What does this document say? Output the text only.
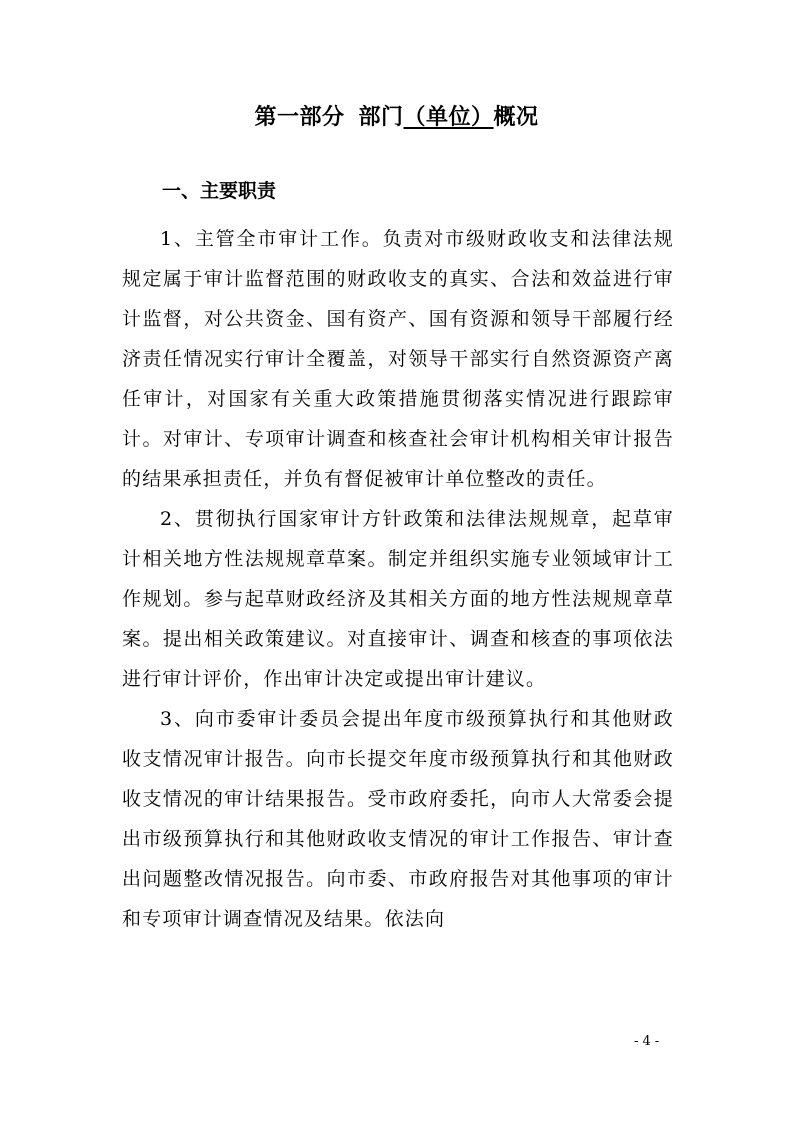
第一部分 部门（单位）概况
一、主要职责

1、主管全市审计工作。负责对市级财政收支和法律法规规定属于审计监督范围的财政收支的真实、合法和效益进行审计监督，对公共资金、国有资产、国有资源和领导干部履行经济责任情况实行审计全覆盖，对领导干部实行自然资源资产离任审计，对国家有关重大政策措施贯彻落实情况进行跟踪审计。对审计、专项审计调查和核查社会审计机构相关审计报告的结果承担责任，并负有督促被审计单位整改的责任。

2、贯彻执行国家审计方针政策和法律法规规章，起草审计相关地方性法规规章草案。制定并组织实施专业领域审计工作规划。参与起草财政经济及其相关方面的地方性法规规章草案。提出相关政策建议。对直接审计、调查和核查的事项依法进行审计评价，作出审计决定或提出审计建议。

3、向市委审计委员会提出年度市级预算执行和其他财政收支情况审计报告。向市长提交年度市级预算执行和其他财政收支情况的审计结果报告。受市政府委托，向市人大常委会提出市级预算执行和其他财政收支情况的审计工作报告、审计查出问题整改情况报告。向市委、市政府报告对其他事项的审计和专项审计调查情况及结果。依法向

- 4 -
